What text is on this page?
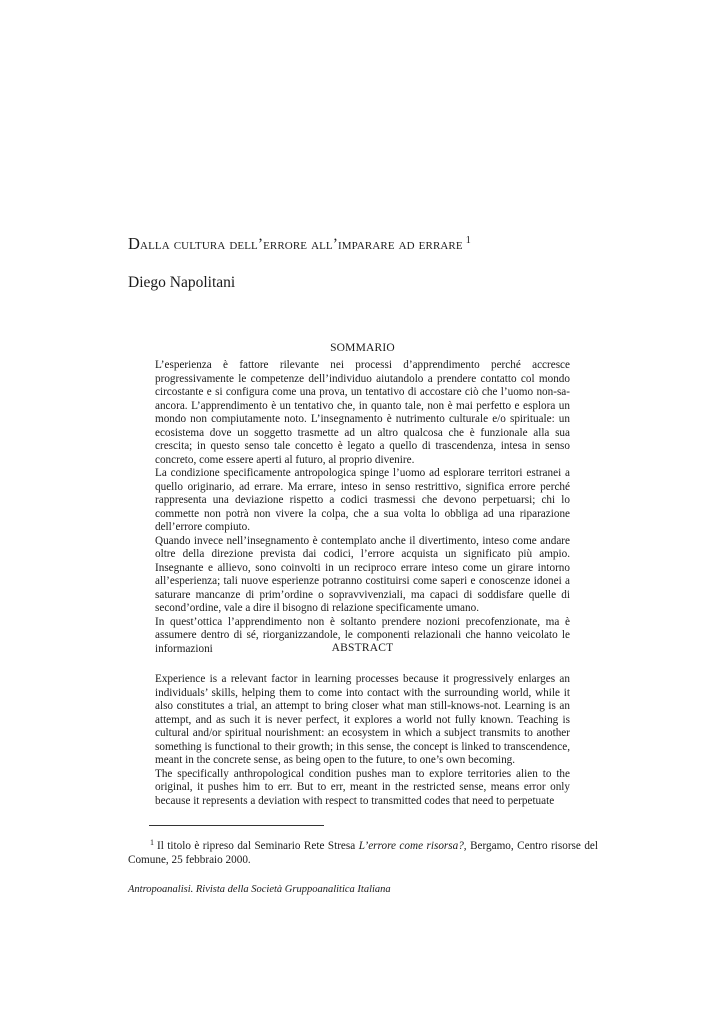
Dalla cultura dell’errore all’imparare ad errare $^1$
Diego Napolitani
SOMMARIO

L’esperienza è fattore rilevante nei processi d’apprendimento perché accresce progressivamente le competenze dell’individuo aiutandolo a prendere contatto col mondo circostante e si configura come una prova, un tentativo di accostare ciò che l’uomo non-sa-ancora. L’apprendimento è un tentativo che, in quanto tale, non è mai perfetto e esplora un mondo non compiutamente noto. L’insegnamento è nutrimento culturale e/o spirituale: un ecosistema dove un soggetto trasmette ad un altro qualcosa che è funzionale alla sua crescita; in questo senso tale concetto è legato a quello di trascendenza, intesa in senso concreto, come essere aperti al futuro, al proprio divenire.

La condizione specificamente antropologica spinge l’uomo ad esplorare territori estranei a quello originario, ad errare. Ma errare, inteso in senso restrittivo, significa errore perché rappresenta una deviazione rispetto a codici trasmessi che devono perpetuarsi; chi lo commette non potrà non vivere la colpa, che a sua volta lo obbliga ad una riparazione dell’errore compiuto.

Quando invece nell’insegnamento è contemplato anche il divertimento, inteso come andare oltre della direzione prevista dai codici, l’errore acquista un significato più ampio. Insegnante e allievo, sono coinvolti in un reciproco errare inteso come un girare intorno all’esperienza; tali nuove esperienze potranno costituirsi come saperi e conoscenze idonei a saturare mancanze di prim’ordine o sopravvivenziali, ma capaci di soddisfare quelle di second’ordine, vale a dire il bisogno di relazione specificamente umano.

In quest’ottica l’apprendimento non è soltanto prendere nozioni precofenzionate, ma è assumere dentro di sé, riorganizzandole, le componenti relazionali che hanno veicolato le informazioni	ABSTRACT

Experience is a relevant factor in learning processes because it progressively enlarges an individuals’ skills, helping them to come into contact with the surrounding world, while it also constitutes a trial, an attempt to bring closer what man still-knows-not. Learning is an attempt, and as such it is never perfect, it explores a world not fully known. Teaching is cultural and/or spiritual nourishment: an ecosystem in which a subject transmits to another something is functional to their growth; in this sense, the concept is linked to transcendence, meant in the concrete sense, as being open to the future, to one’s own becoming.

The specifically anthropological condition pushes man to explore territories alien to the original, it pushes him to err. But to err, meant in the restricted sense, means error only because it represents a deviation with respect to transmitted codes that need to perpetuate

$^1$ Il titolo è ripreso dal Seminario Rete Stresa L’errore come risorsa?, Bergamo, Centro risorse del Comune, 25 febbraio 2000.
Antropoanalisi. Rivista della Società Gruppoanalitica Italiana
